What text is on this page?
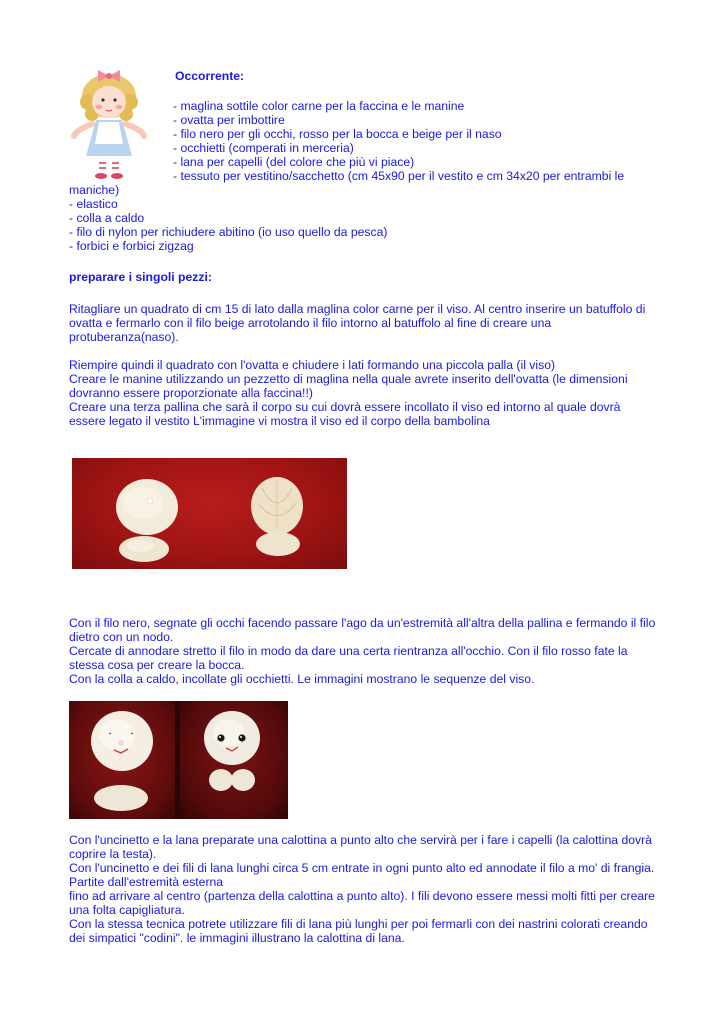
Occorrente:
- maglina sottile color carne per la faccina e le manine
- ovatta per imbottire
- filo nero per gli occhi, rosso per la bocca e beige per il naso
- occhietti (comperati in merceria)
- lana per capelli (del colore che più vi piace)
- tessuto per vestitino/sacchetto (cm 45x90 per il vestito e cm 34x20 per entrambi le
maniche)
- elastico
- colla a caldo
- filo di nylon per richiudere abitino (io uso quello da pesca)
- forbici e forbici zigzag
preparare i singoli pezzi:
Ritagliare un quadrato di cm 15 di lato dalla maglina color carne per il viso. Al centro inserire un batuffolo di
ovatta e fermarlo con il filo beige arrotolando il filo intorno al batuffolo al fine di creare una
protuberanza(naso).
Riempire quindi il quadrato con l'ovatta e chiudere i lati formando una piccola palla (il viso)
Creare le manine utilizzando un pezzetto di maglina nella quale avrete inserito dell'ovatta (le dimensioni
dovranno essere proporzionate alla faccina!!)
Creare una terza pallina che sarà il corpo su cui dovrà essere incollato il viso ed intorno al quale dovrà
essere legato il vestito L'immagine vi mostra il viso ed il corpo della bambolina
Con il filo nero, segnate gli occhi facendo passare l'ago da un'estremità all'altra della pallina e fermando il filo
dietro con un nodo.
Cercate di annodare stretto il filo in modo da dare una certa rientranza all'occhio. Con il filo rosso fate la
stessa cosa per creare la bocca.
Con la colla a caldo, incollate gli occhietti. Le immagini mostrano le sequenze del viso.
Con l'uncinetto e la lana preparate una calottina a punto alto che servirà per i fare i capelli (la calottina dovrà
coprire la testa).
Con l'uncinetto e dei fili di lana lunghi circa 5 cm entrate in ogni punto alto ed annodate il filo a mo' di frangia.
Partite dall'estremità esterna
fino ad arrivare al centro (partenza della calottina a punto alto). I fili devono essere messi molti fitti per creare
una folta capigliatura.
Con la stessa tecnica potrete utilizzare fili di lana più lunghi per poi fermarli con dei nastrini colorati creando
dei simpatici "codini". le immagini illustrano la calottina di lana.
